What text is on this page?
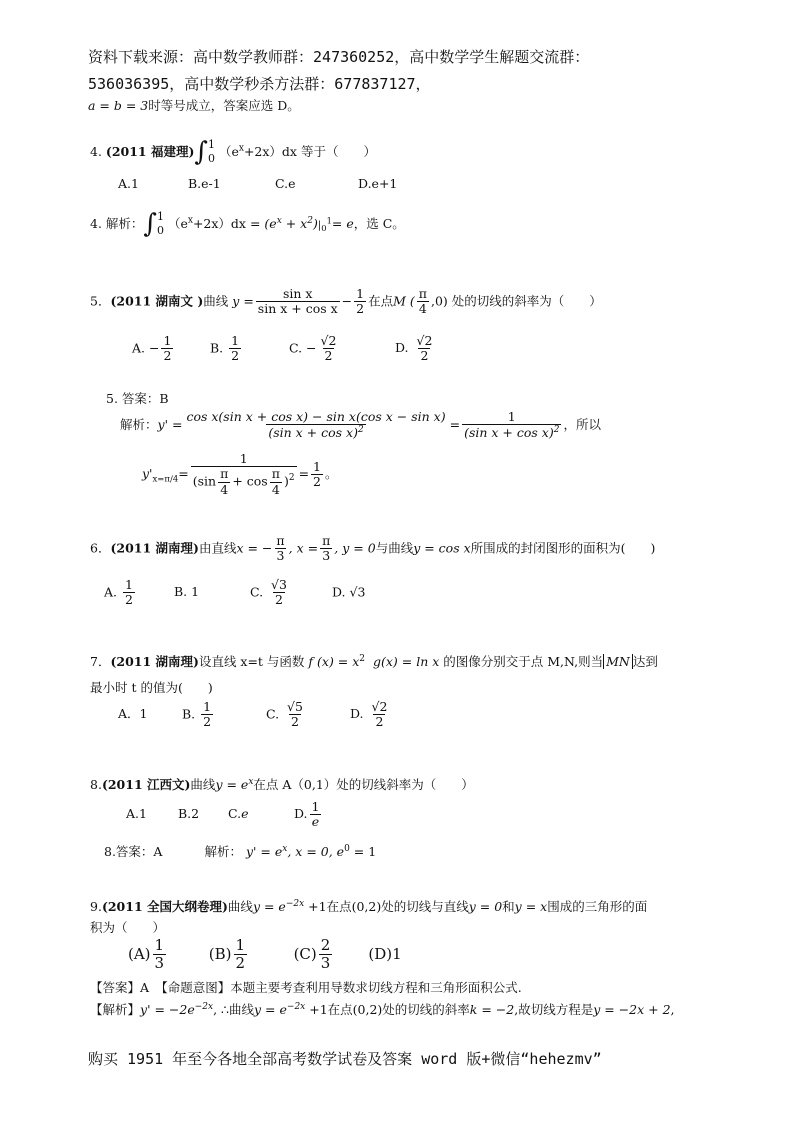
资料下载来源：高中数学教师群：247360252，高中数学学生解题交流群：
536036395，高中数学秒杀方法群：677837127，
a = b = 3时等号成立，答案应选 D。
4. (2011 福建理)∫ 1
0 $(e^x+2x)dx$ 等于（　　）
A.1	B.e-1	C.e	D.e+1
4. 解析：∫ 1
0 $(e^x+2x)dx = (e^x + x^2)|_0^1= e$，选 C。
5．(2011 湖南文 )曲线 $y = \frac{\text{sin x}}{\text{sin x + cos x}} - \frac{1}{2}$ 在点M ( $\frac{\pi}{4} ,0$) 处的切线的斜率为（　　）
A. − $\frac{1}{2}$	B. $\frac{1}{2}$	C. − $\frac{√2}{2}$	D. $\frac{√2}{2}$
5. 答案：B
解析：$y' = \frac{\text{cos x(sin x + cos x) − sin x(cos x − sin x)}}{(\sin x + \cos x)^2} = \frac{1}{(\sin x + \cos x)^2}$ ，所以
$y'_{x=\pi/4}= \frac{1}{(\sin \frac{\pi}{4} + \cos \frac{\pi}{4} )^2} = \frac{1}{2}$ 。
6．(2011 湖南理)由直线x = − $\frac{\pi}{3}$ , $x = \frac{\pi}{3}$ , y = 0与曲线y = cos x所围成的封闭图形的面积为(　　)
A. $\frac{1}{2}$	B. 1	C. $\frac{√3}{2}$	D. √3
7．(2011 湖南理)设直线 x=t 与函数 f $(x) = x^2$ g(x) = ln x 的图像分别交于点 M,N,则当 MN 达到
最小时 t 的值为(　　)
A．1	B. $\frac{1}{2}$	C. $\frac{√5}{2}$	D. $\frac{√2}{2}$
8.(2011 江西文)曲线$y = e^x$在点 A（0,1）处的切线斜率为（　　）
A.1 B.2 C.e	D. $\frac{1}{e}$
8.答案：A	解析： $y' = e^x$, x = 0, $e^0 = 1$
9.(2011 全国大纲卷理)曲线$y = e^{-2x} +1$在点(0,2)处的切线与直线y = 0和y = x围成的三角形的面
积为（　　）
$(A) \frac{1}{3}$	$(B) \frac{1}{2}$	$(C) \frac{2}{3} (D)1$
【答案】A　【命题意图】本题主要考查利用导数求切线方程和三角形面积公式.
【解析】$y' = -2e^{-2x}$, ∴曲线$y = e^{-2x} +1$在点(0,2)处的切线的斜率k = −2,故切线方程是y = −2x + 2,
购买 1951 年至今各地全部高考数学试卷及答案 word 版+微信“hehezmv”
